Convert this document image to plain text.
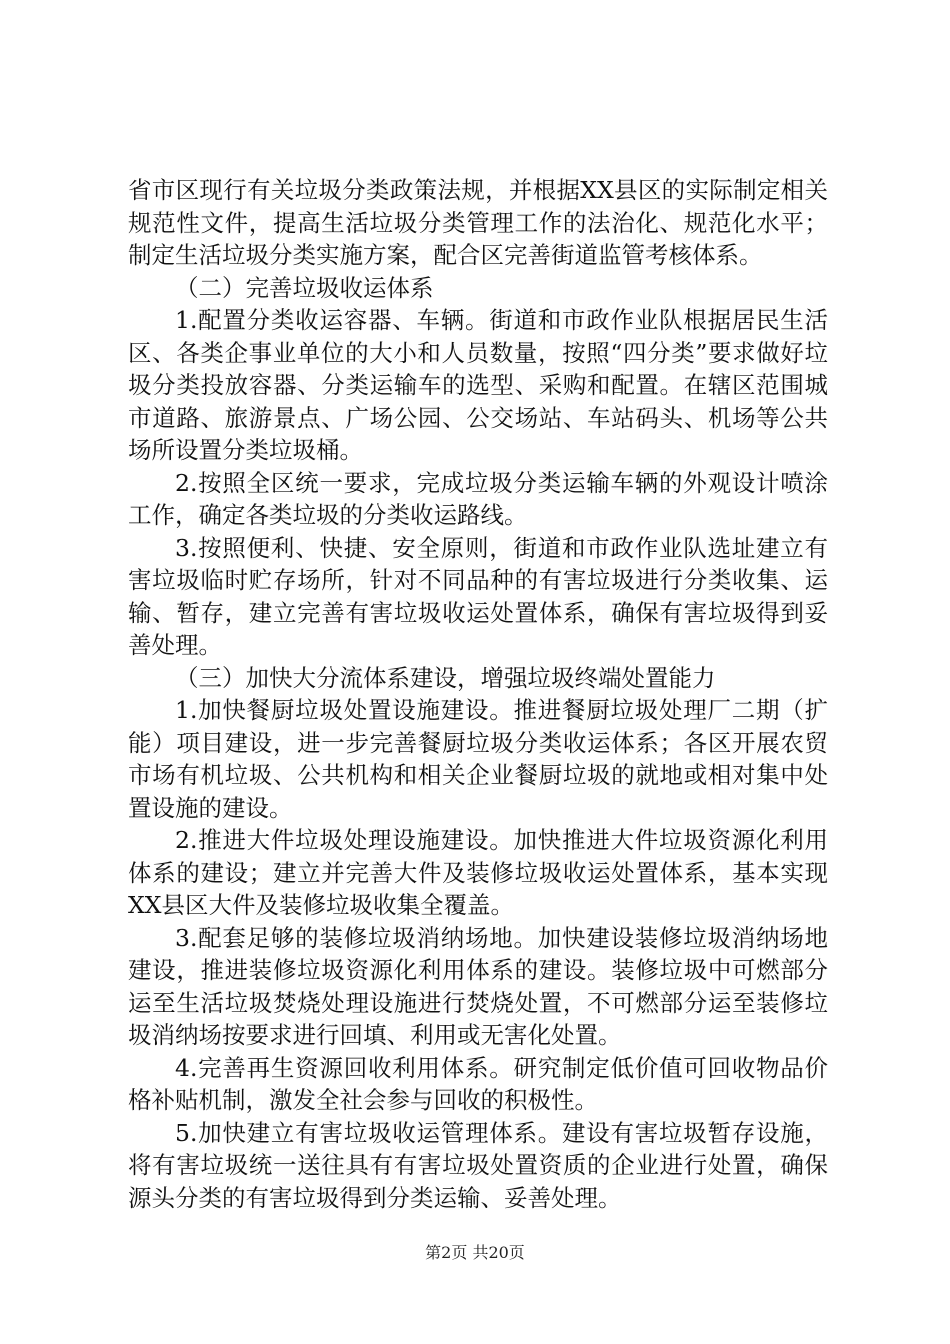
省市区现行有关垃圾分类政策法规，并根据XX县区的实际制定相关规范性文件，提高生活垃圾分类管理工作的法治化、规范化水平；制定生活垃圾分类实施方案，配合区完善街道监管考核体系。

（二）完善垃圾收运体系

1.配置分类收运容器、车辆。街道和市政作业队根据居民生活区、各类企事业单位的大小和人员数量，按照“四分类”要求做好垃圾分类投放容器、分类运输车的选型、采购和配置。在辖区范围城市道路、旅游景点、广场公园、公交场站、车站码头、机场等公共场所设置分类垃圾桶。

2.按照全区统一要求，完成垃圾分类运输车辆的外观设计喷涂工作，确定各类垃圾的分类收运路线。

3.按照便利、快捷、安全原则，街道和市政作业队选址建立有害垃圾临时贮存场所，针对不同品种的有害垃圾进行分类收集、运输、暂存，建立完善有害垃圾收运处置体系，确保有害垃圾得到妥善处理。

（三）加快大分流体系建设，增强垃圾终端处置能力

1.加快餐厨垃圾处置设施建设。推进餐厨垃圾处理厂二期（扩能）项目建设，进一步完善餐厨垃圾分类收运体系；各区开展农贸市场有机垃圾、公共机构和相关企业餐厨垃圾的就地或相对集中处置设施的建设。

2.推进大件垃圾处理设施建设。加快推进大件垃圾资源化利用体系的建设；建立并完善大件及装修垃圾收运处置体系，基本实现XX县区大件及装修垃圾收集全覆盖。

3.配套足够的装修垃圾消纳场地。加快建设装修垃圾消纳场地建设，推进装修垃圾资源化利用体系的建设。装修垃圾中可燃部分运至生活垃圾焚烧处理设施进行焚烧处置，不可燃部分运至装修垃圾消纳场按要求进行回填、利用或无害化处置。

4.完善再生资源回收利用体系。研究制定低价值可回收物品价格补贴机制，激发全社会参与回收的积极性。

5.加快建立有害垃圾收运管理体系。建设有害垃圾暂存设施，将有害垃圾统一送往具有有害垃圾处置资质的企业进行处置，确保源头分类的有害垃圾得到分类运输、妥善处理。

第2页 共20页
